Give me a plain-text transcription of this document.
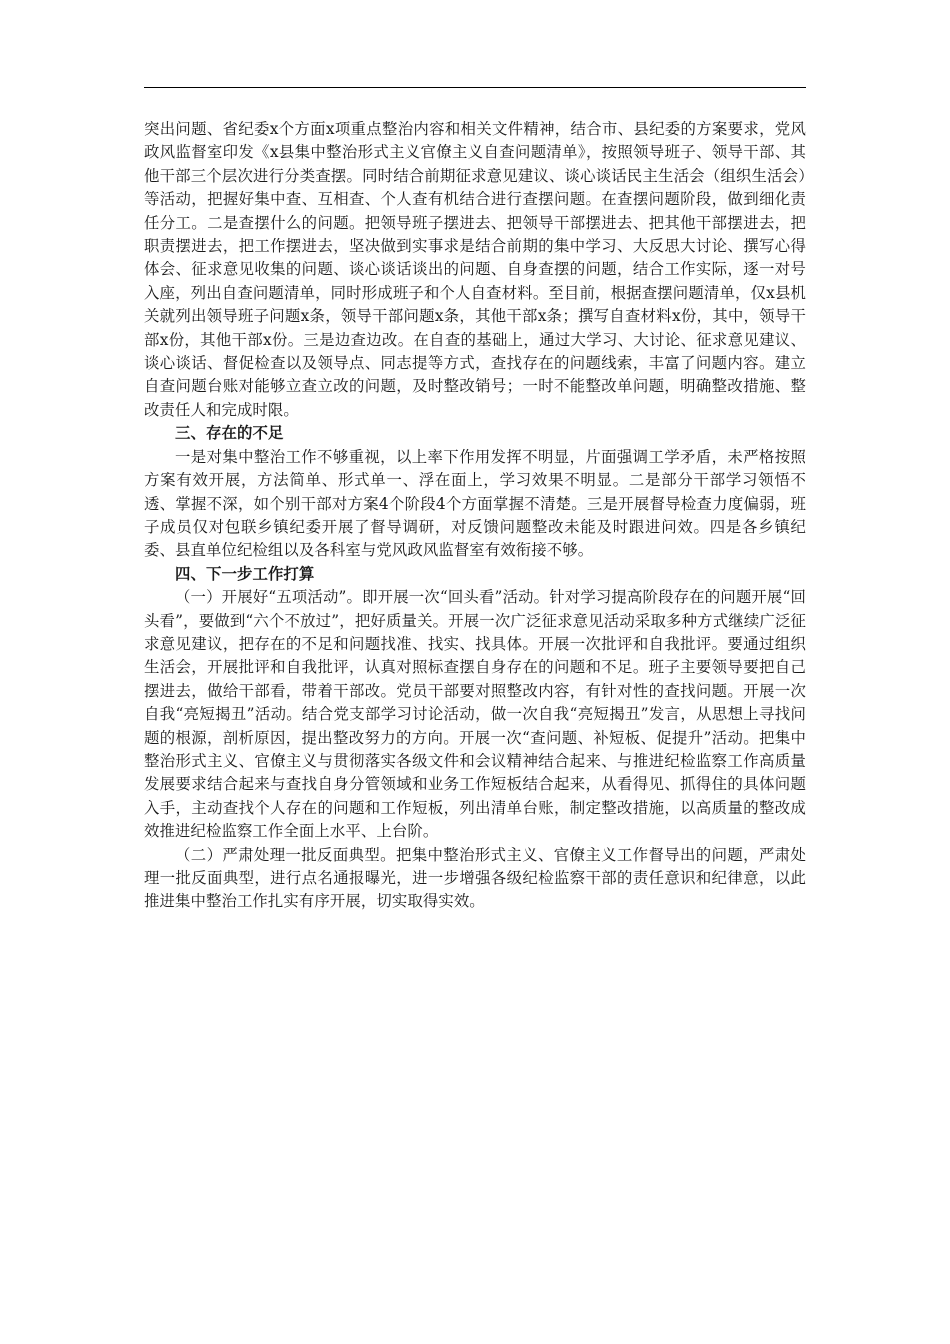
突出问题、省纪委x个方面x项重点整治内容和相关文件精神，结合市、县纪委的方案要求，党风政风监督室印发《x县集中整治形式主义官僚主义自查问题清单》，按照领导班子、领导干部、其他干部三个层次进行分类查摆。同时结合前期征求意见建议、谈心谈话民主生活会（组织生活会）等活动，把握好集中查、互相查、个人查有机结合进行查摆问题。在查摆问题阶段，做到细化责任分工。二是查摆什么的问题。把领导班子摆进去、把领导干部摆进去、把其他干部摆进去，把职责摆进去，把工作摆进去，坚决做到实事求是结合前期的集中学习、大反思大讨论、撰写心得体会、征求意见收集的问题、谈心谈话谈出的问题、自身查摆的问题，结合工作实际，逐一对号入座，列出自查问题清单，同时形成班子和个人自查材料。至目前，根据查摆问题清单，仅x县机关就列出领导班子问题x条，领导干部问题x条，其他干部x条；撰写自查材料x份，其中，领导干部x份，其他干部x份。三是边查边改。在自查的基础上，通过大学习、大讨论、征求意见建议、谈心谈话、督促检查以及领导点、同志提等方式，查找存在的问题线索，丰富了问题内容。建立自查问题台账对能够立查立改的问题，及时整改销号；一时不能整改单问题，明确整改措施、整改责任人和完成时限。

三、存在的不足

一是对集中整治工作不够重视，以上率下作用发挥不明显，片面强调工学矛盾，未严格按照方案有效开展，方法简单、形式单一、浮在面上，学习效果不明显。二是部分干部学习领悟不透、掌握不深，如个别干部对方案4个阶段4个方面掌握不清楚。三是开展督导检查力度偏弱，班子成员仅对包联乡镇纪委开展了督导调研，对反馈问题整改未能及时跟进问效。四是各乡镇纪委、县直单位纪检组以及各科室与党风政风监督室有效衔接不够。

四、下一步工作打算

（一）开展好“五项活动”。即开展一次“回头看”活动。针对学习提高阶段存在的问题开展“回头看”，要做到“六个不放过”，把好质量关。开展一次广泛征求意见活动采取多种方式继续广泛征求意见建议，把存在的不足和问题找准、找实、找具体。开展一次批评和自我批评。要通过组织生活会，开展批评和自我批评，认真对照标查摆自身存在的问题和不足。班子主要领导要把自己摆进去，做给干部看，带着干部改。党员干部要对照整改内容，有针对性的查找问题。开展一次自我“亮短揭丑”活动。结合党支部学习讨论活动，做一次自我“亮短揭丑”发言，从思想上寻找问题的根源，剖析原因，提出整改努力的方向。开展一次“查问题、补短板、促提升”活动。把集中整治形式主义、官僚主义与贯彻落实各级文件和会议精神结合起来、与推进纪检监察工作高质量发展要求结合起来与查找自身分管领域和业务工作短板结合起来，从看得见、抓得住的具体问题入手，主动查找个人存在的问题和工作短板，列出清单台账，制定整改措施，以高质量的整改成效推进纪检监察工作全面上水平、上台阶。

（二）严肃处理一批反面典型。把集中整治形式主义、官僚主义工作督导出的问题，严肃处理一批反面典型，进行点名通报曝光，进一步增强各级纪检监察干部的责任意识和纪律意，以此推进集中整治工作扎实有序开展，切实取得实效。
